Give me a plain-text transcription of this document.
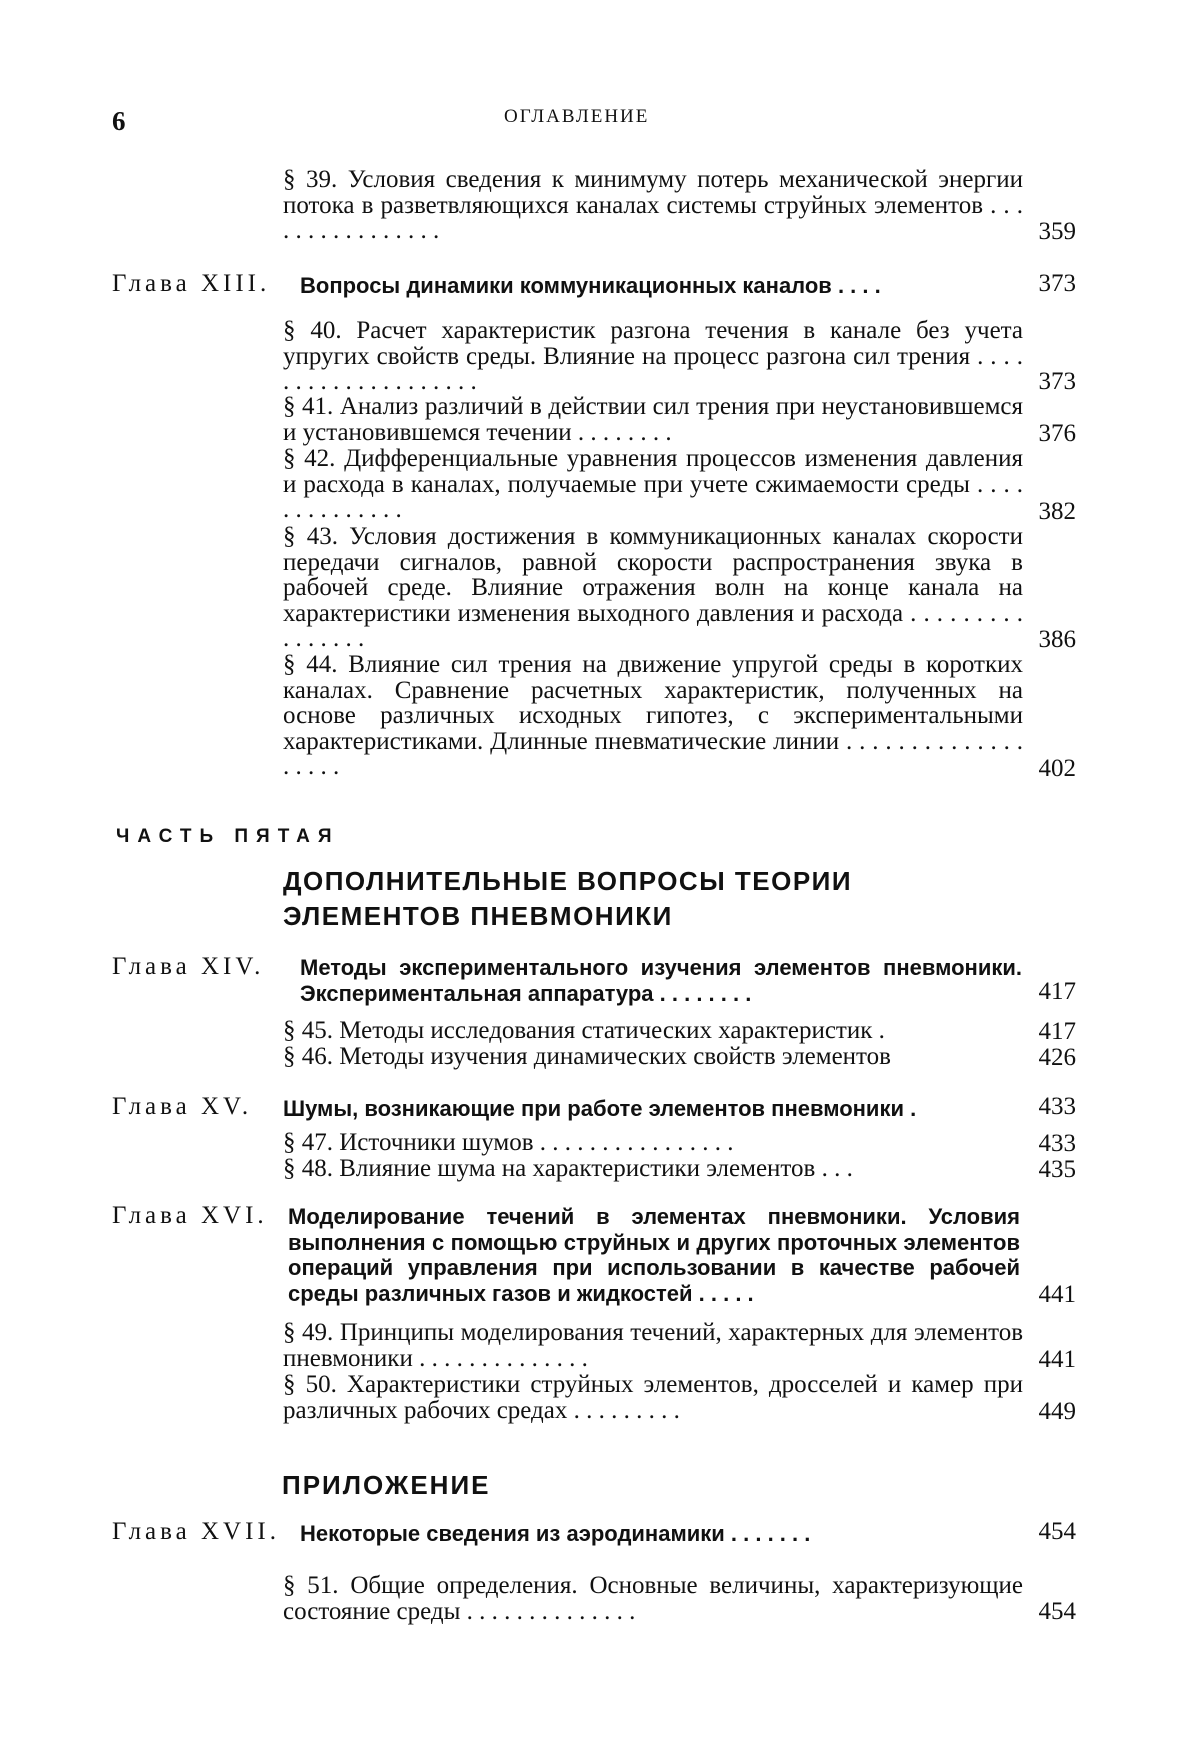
6	ОГЛАВЛЕНИЕ
§ 39. Условия сведения к минимуму потерь механической энергии потока в разветвляющихся каналах системы струйных элементов . . . . . . . . . . . . . . . .	359
Глава XIII. Вопросы динамики коммуникационных каналов . . . .	373
§ 40. Расчет характеристик разгона течения в канале без учета упругих свойств среды. Влияние на процесс разгона сил трения . . . . . . . . . . . . . . . . . . . .	373
§ 41. Анализ различий в действии сил трения при неустановившемся и установившемся течении . . . . . . . .	376
§ 42. Дифференциальные уравнения процессов изменения давления и расхода в каналах, получаемые при учете сжимаемости среды . . . . . . . . . . . . . .	382
§ 43. Условия достижения в коммуникационных каналах скорости передачи сигналов, равной скорости распространения звука в рабочей среде. Влияние отражения волн на конце канала на характеристики изменения выходного давления и расхода . . . . . . . . . . . . . . . .	386
§ 44. Влияние сил трения на движение упругой среды в коротких каналах. Сравнение расчетных характеристик, полученных на основе различных исходных гипотез, с экспериментальными характеристиками. Длинные пневматические линии . . . . . . . . . . . . . . . . . . .	402
ЧАСТЬ ПЯТАЯ
ДОПОЛНИТЕЛЬНЫЕ ВОПРОСЫ ТЕОРИИ
ЭЛЕМЕНТОВ ПНЕВМОНИКИ
Глава XIV. Методы экспериментального изучения элементов пневмоники. Экспериментальная аппаратура . . . . . . . .	417
§ 45. Методы исследования статических характеристик .	417
§ 46. Методы изучения динамических свойств элементов	426
Глава XV. Шумы, возникающие при работе элементов пневмоники .	433
§ 47. Источники шумов . . . . . . . . . . . . . . . .	433
§ 48. Влияние шума на характеристики элементов . . .	435
Глава XVI. Моделирование течений в элементах пневмоники. Условия выполнения с помощью струйных и других проточных элементов операций управления при использовании в качестве рабочей среды различных газов и жидкостей . . . . .	441
§ 49. Принципы моделирования течений, характерных для элементов пневмоники . . . . . . . . . . . . . .	441
§ 50. Характеристики струйных элементов, дросселей и камер при различных рабочих средах . . . . . . . . .	449
ПРИЛОЖЕНИЕ
Глава XVII. Некоторые сведения из аэродинамики . . . . . . .	454
§ 51. Общие определения. Основные величины, характеризующие состояние среды . . . . . . . . . . . . . .	454
